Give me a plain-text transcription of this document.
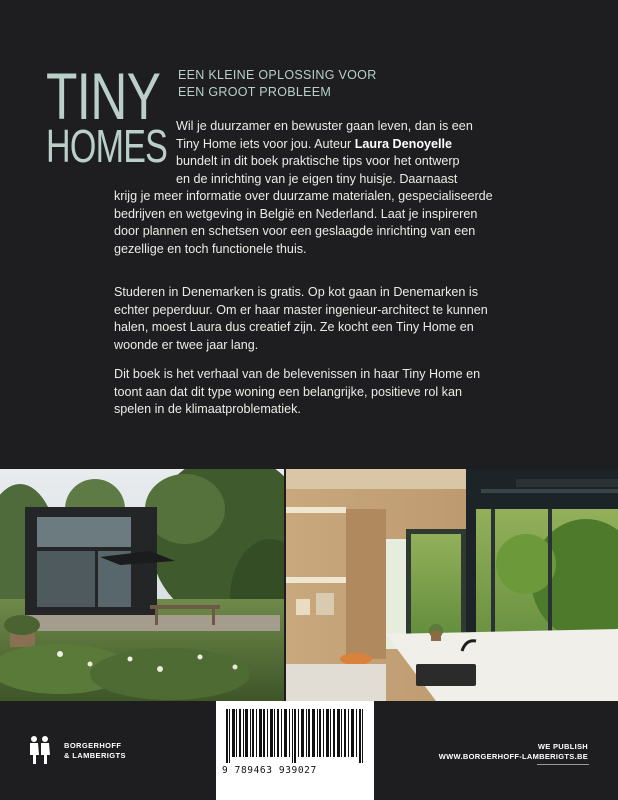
TINY
HOMES
EEN KLEINE OPLOSSING VOOR
EEN GROOT PROBLEEM
Wil je duurzamer en bewuster gaan leven, dan is een
Tiny Home iets voor jou. Auteur Laura Denoyelle
bundelt in dit boek praktische tips voor het ontwerp
en de inrichting van je eigen tiny huisje. Daarnaast
krijg je meer informatie over duurzame materialen, gespecialiseerde
bedrijven en wetgeving in België en Nederland. Laat je inspireren
door plannen en schetsen voor een geslaagde inrichting van een
gezellige en toch functionele thuis.
Studeren in Denemarken is gratis. Op kot gaan in Denemarken is
echter peperduur. Om er haar master ingenieur-architect te kunnen
halen, moest Laura dus creatief zijn. Ze kocht een Tiny Home en
woonde er twee jaar lang.
Dit boek is het verhaal van de belevenissen in haar Tiny Home en
toont aan dat dit type woning een belangrijke, positieve rol kan
spelen in de klimaatproblematiek.
BORGERHOFF
& LAMBERIGTS
9 789463 939027
WE PUBLISH
WWW.BORGERHOFF-LAMBERIGTS.BE
